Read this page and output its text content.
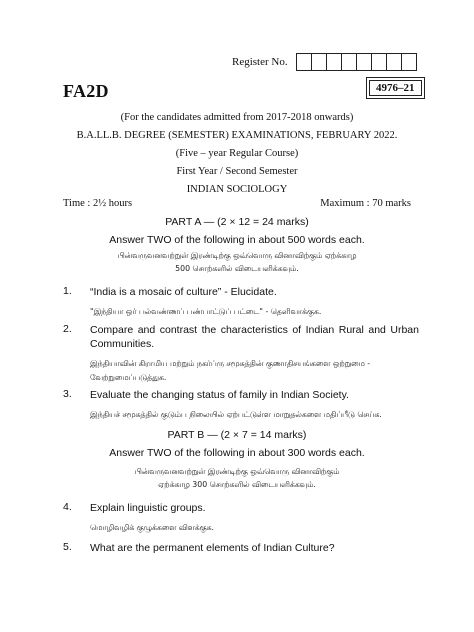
Register No.
FA2D	4976–21
(For the candidates admitted from 2017-2018 onwards)
B.A.LL.B. DEGREE (SEMESTER) EXAMINATIONS, FEBRUARY 2022.
(Five – year Regular Course)
First Year / Second Semester
INDIAN SOCIOLOGY
Time : 2½ hours	Maximum : 70 marks
PART A — (2 × 12 = 24 marks)
Answer TWO of the following in about 500 words each.
பின்வருவனவற்றுள் இரண்டிற்கு ஒவ்வொரு வினாவிற்கும் ஏற்க்காழ
500 சொற்களில் விடையளிக்கவும்.
1. “India is a mosaic of culture” - Elucidate.
"இந்தியா ஒர் பல்வண்ணப் பண்பாட்டுப் பட்டை" - தெளிவாக்குக.
2. Compare and contrast the characteristics of Indian Rural and Urban Communities.
இந்தியாவின் கிராமிய மற்றும் நகர்ப்ரு சமூகத்தின் குணாதிசயங்களை ஒற்றுமை - வேற்றுமைப்படுத்துக.
3. Evaluate the changing status of family in Indian Society.
இந்தியச் சமூகத்தில் குடும்ப நிலையில் ஏற்பட்டுள்ள மாறுதல்களை மதிப்பீடு செய்க.
PART B — (2 × 7 = 14 marks)
Answer TWO of the following in about 300 words each.
பின்வருவனவற்றுள் இரண்டிற்கு ஒவ்வொரு வினாவிற்கும்
ஏற்க்காழ 300 சொற்களில் விடையளிக்கவும்.
4. Explain linguistic groups.
மொழிவழிக் குழுக்களை விளக்குக.
5. What are the permanent elements of Indian Culture?
